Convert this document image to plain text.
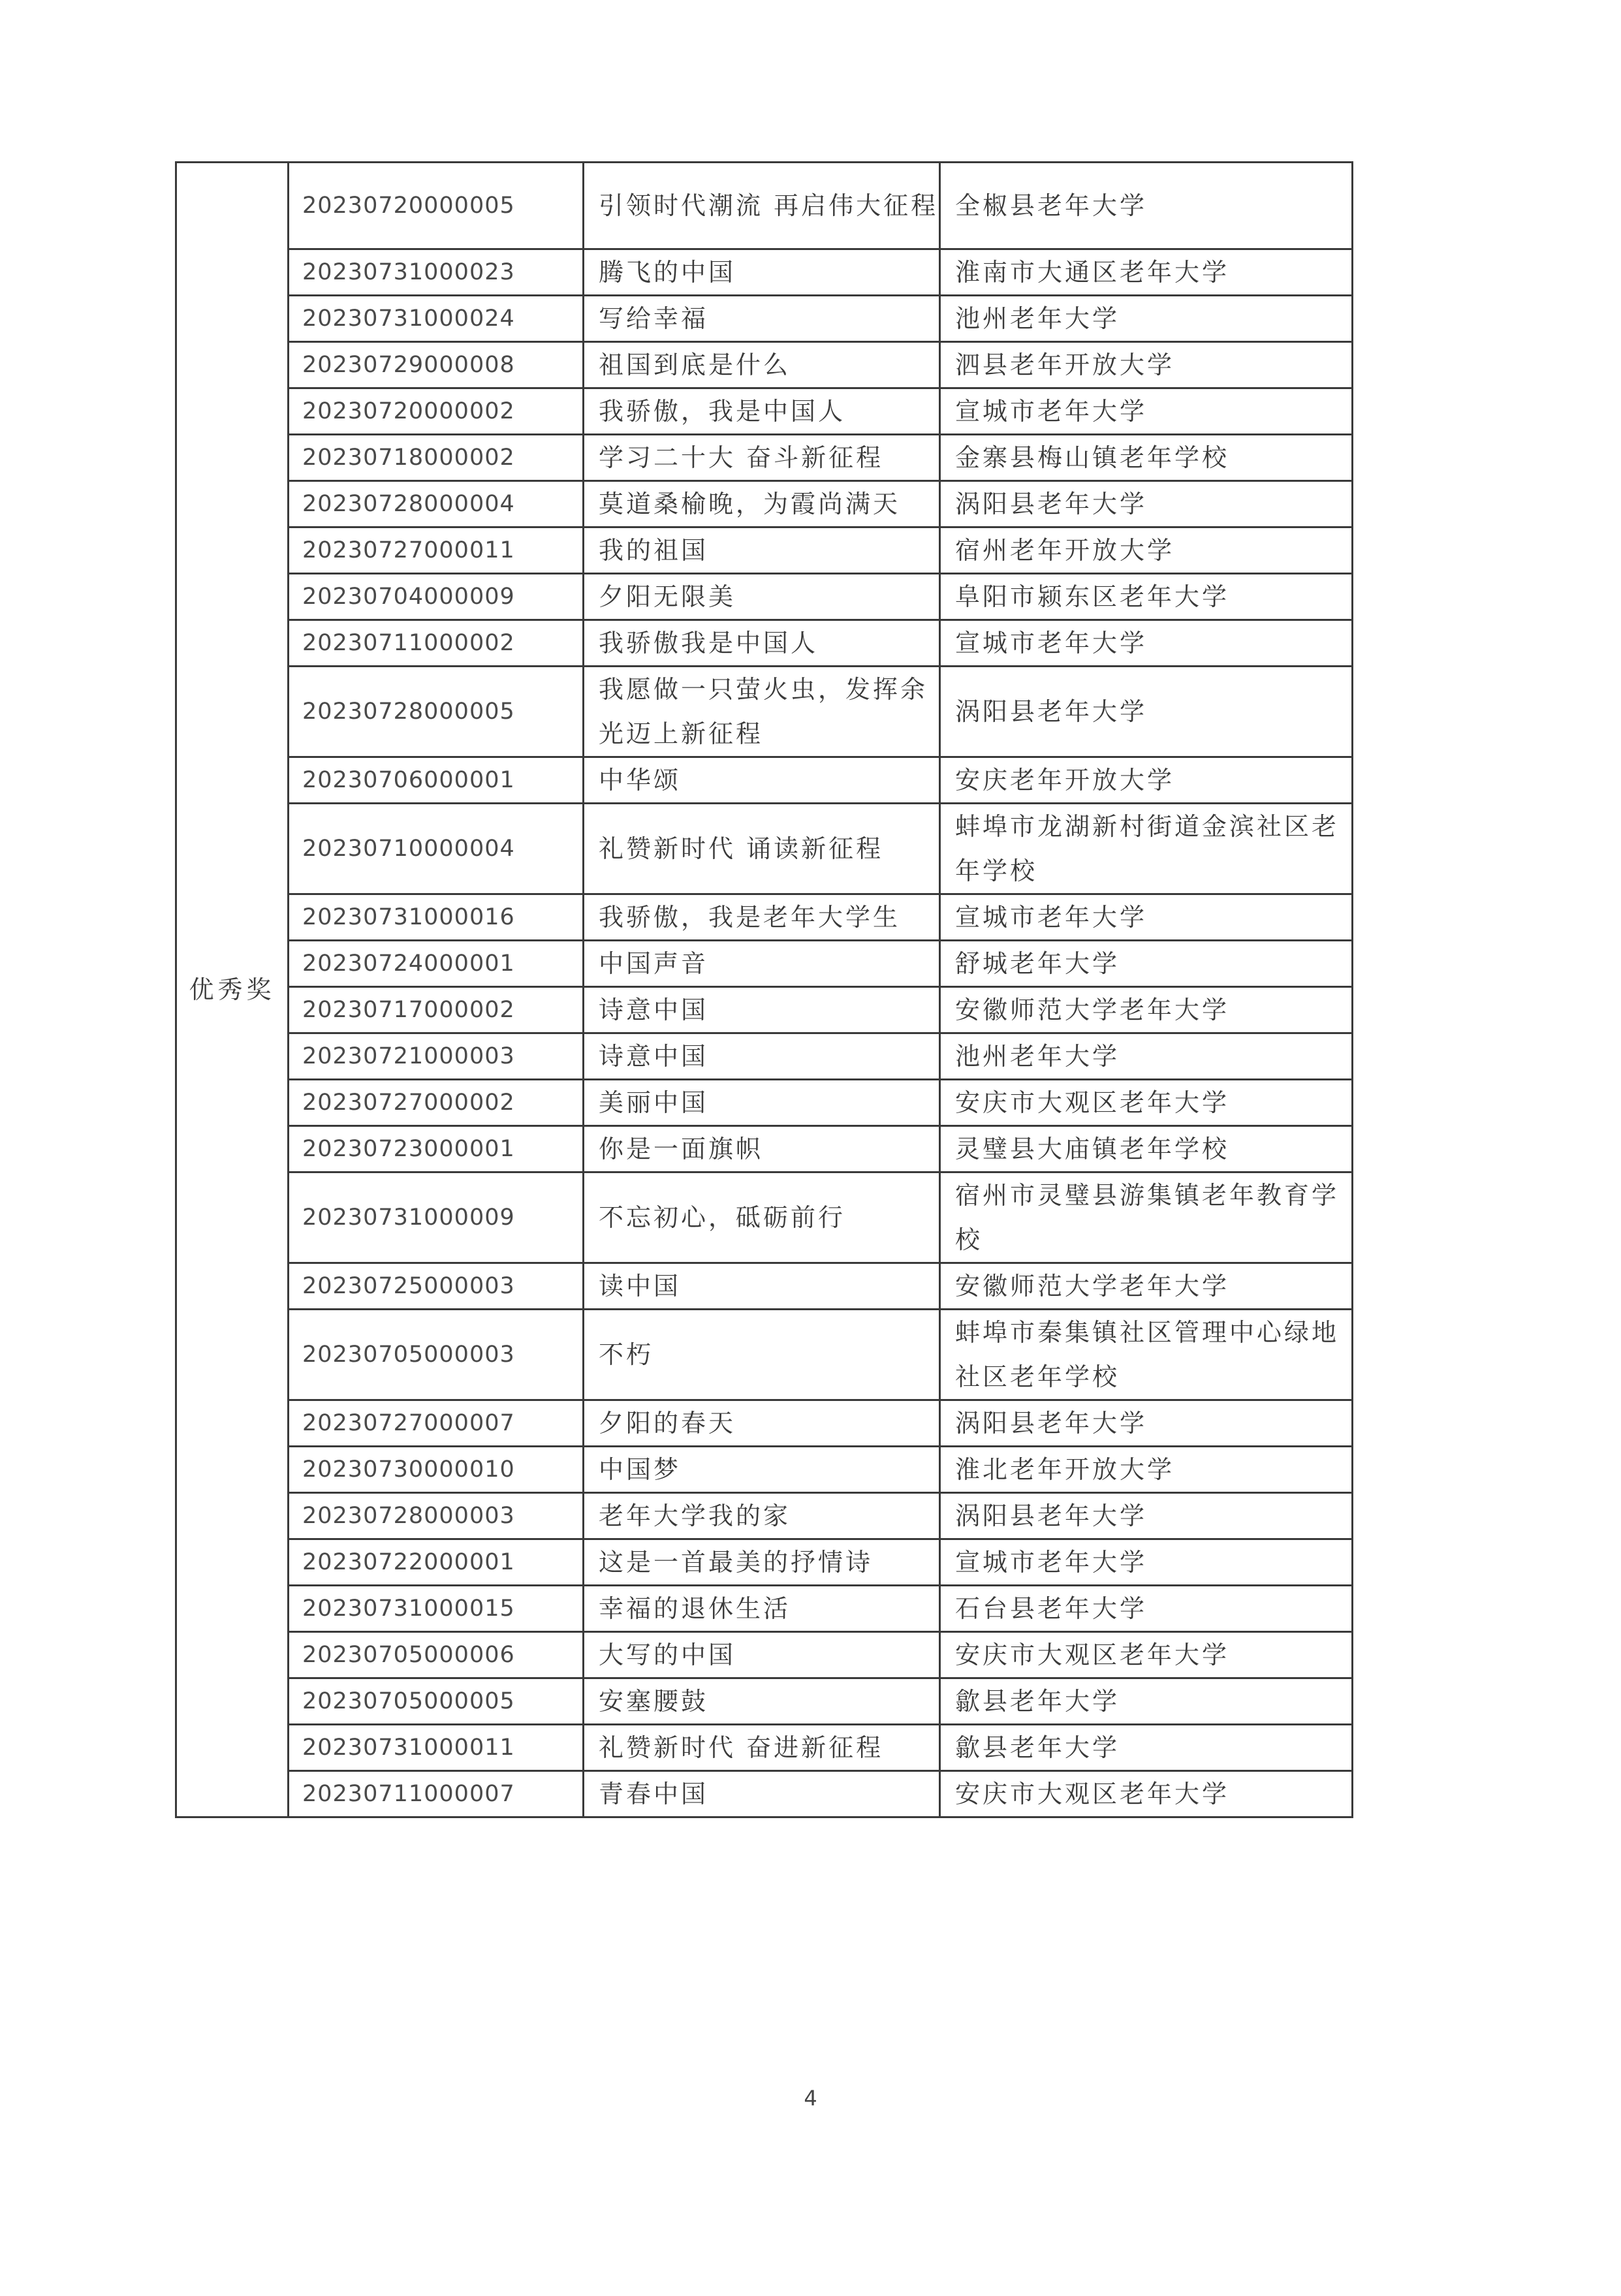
优秀奖	20230720000005	引领时代潮流 再启伟大征程	全椒县老年大学
	20230731000023	腾飞的中国	淮南市大通区老年大学
	20230731000024	写给幸福	池州老年大学
	20230729000008	祖国到底是什么	泗县老年开放大学
	20230720000002	我骄傲，我是中国人	宣城市老年大学
	20230718000002	学习二十大 奋斗新征程	金寨县梅山镇老年学校
	20230728000004	莫道桑榆晚，为霞尚满天	涡阳县老年大学
	20230727000011	我的祖国	宿州老年开放大学
	20230704000009	夕阳无限美	阜阳市颍东区老年大学
	20230711000002	我骄傲我是中国人	宣城市老年大学
	20230728000005	我愿做一只萤火虫，发挥余光迈上新征程	涡阳县老年大学
	20230706000001	中华颂	安庆老年开放大学
	20230710000004	礼赞新时代 诵读新征程	蚌埠市龙湖新村街道金滨社区老年学校
	20230731000016	我骄傲，我是老年大学生	宣城市老年大学
	20230724000001	中国声音	舒城老年大学
	20230717000002	诗意中国	安徽师范大学老年大学
	20230721000003	诗意中国	池州老年大学
	20230727000002	美丽中国	安庆市大观区老年大学
	20230723000001	你是一面旗帜	灵璧县大庙镇老年学校
	20230731000009	不忘初心，砥砺前行	宿州市灵璧县游集镇老年教育学校
	20230725000003	读中国	安徽师范大学老年大学
	20230705000003	不朽	蚌埠市秦集镇社区管理中心绿地社区老年学校
	20230727000007	夕阳的春天	涡阳县老年大学
	20230730000010	中国梦	淮北老年开放大学
	20230728000003	老年大学我的家	涡阳县老年大学
	20230722000001	这是一首最美的抒情诗	宣城市老年大学
	20230731000015	幸福的退休生活	石台县老年大学
	20230705000006	大写的中国	安庆市大观区老年大学
	20230705000005	安塞腰鼓	歙县老年大学
	20230731000011	礼赞新时代 奋进新征程	歙县老年大学
	20230711000007	青春中国	安庆市大观区老年大学
4
